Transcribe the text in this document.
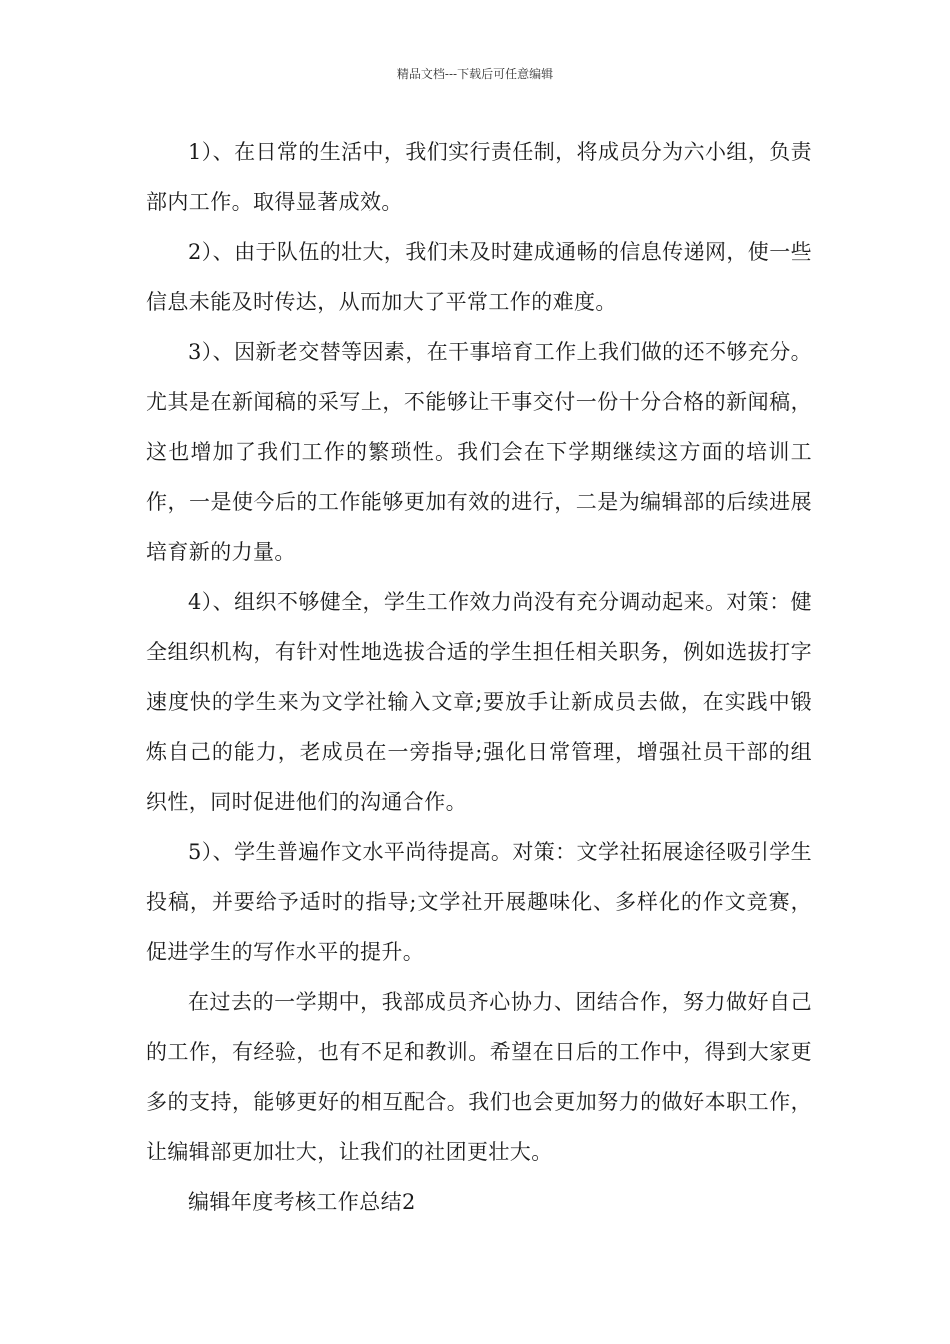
精品文档---下载后可任意编辑

1）、在日常的生活中，我们实行责任制，将成员分为六小组，负责部内工作。取得显著成效。

2）、由于队伍的壮大，我们未及时建成通畅的信息传递网，使一些信息未能及时传达，从而加大了平常工作的难度。

3）、因新老交替等因素，在干事培育工作上我们做的还不够充分。尤其是在新闻稿的采写上，不能够让干事交付一份十分合格的新闻稿，这也增加了我们工作的繁琐性。我们会在下学期继续这方面的培训工作，一是使今后的工作能够更加有效的进行，二是为编辑部的后续进展培育新的力量。

4）、组织不够健全，学生工作效力尚没有充分调动起来。对策：健全组织机构，有针对性地选拔合适的学生担任相关职务，例如选拔打字速度快的学生来为文学社输入文章;要放手让新成员去做，在实践中锻炼自己的能力，老成员在一旁指导;强化日常管理，增强社员干部的组织性，同时促进他们的沟通合作。

5）、学生普遍作文水平尚待提高。对策：文学社拓展途径吸引学生投稿，并要给予适时的指导;文学社开展趣味化、多样化的作文竞赛，促进学生的写作水平的提升。

在过去的一学期中，我部成员齐心协力、团结合作，努力做好自己的工作，有经验，也有不足和教训。希望在日后的工作中，得到大家更多的支持，能够更好的相互配合。我们也会更加努力的做好本职工作，让编辑部更加壮大，让我们的社团更壮大。

编辑年度考核工作总结2
